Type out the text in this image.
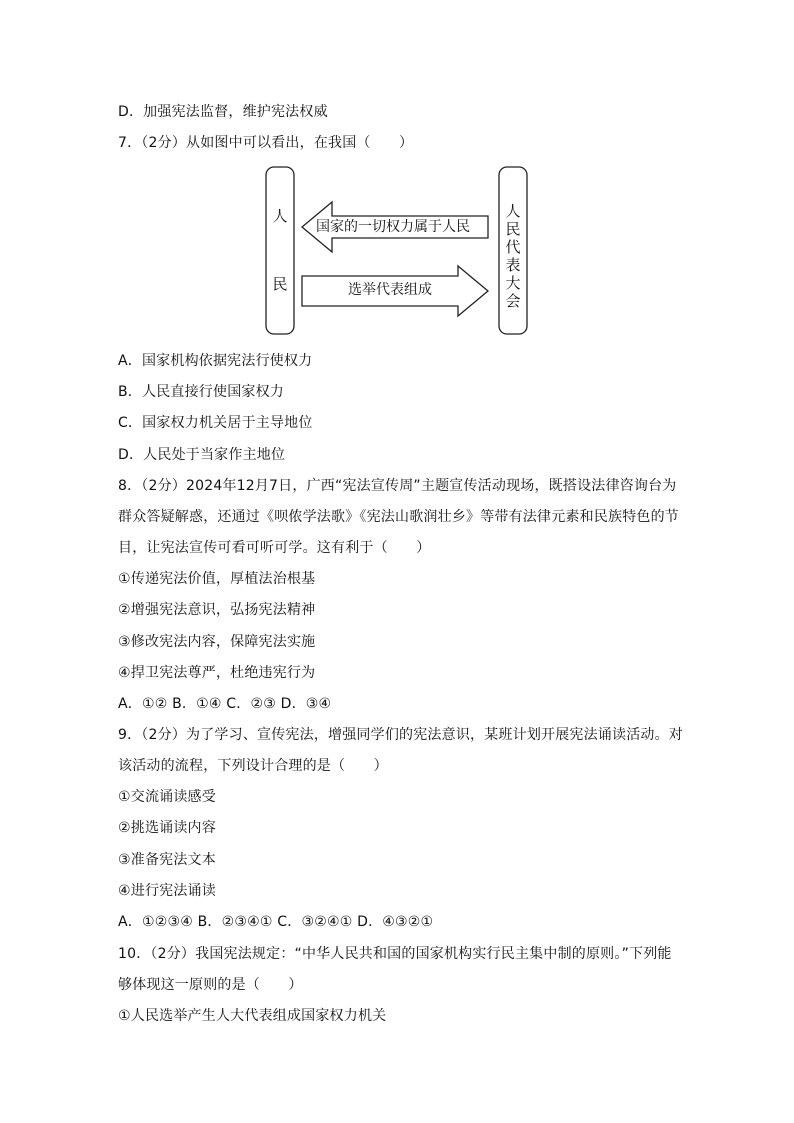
D．加强宪法监督，维护宪法权威
7．（2分）从如图中可以看出，在我国（　　）
人
民
人民代表大会
国家的一切权力属于人民
选举代表组成
A．国家机构依据宪法行使权力
B．人民直接行使国家权力
C．国家权力机关居于主导地位
D．人民处于当家作主地位
8．（2分）2024年12月7日，广西“宪法宣传周”主题宣传活动现场，既搭设法律咨询台为
群众答疑解惑，还通过《呗侬学法歌》《宪法山歌润壮乡》等带有法律元素和民族特色的节
目，让宪法宣传可看可听可学。这有利于（　　）
①传递宪法价值，厚植法治根基
②增强宪法意识，弘扬宪法精神
③修改宪法内容，保障宪法实施
④捍卫宪法尊严，杜绝违宪行为
A．①② B．①④ C．②③ D．③④
9．（2分）为了学习、宣传宪法，增强同学们的宪法意识，某班计划开展宪法诵读活动。对
该活动的流程，下列设计合理的是（　　）
①交流诵读感受
②挑选诵读内容
③准备宪法文本
④进行宪法诵读
A．①②③④ B．②③④① C．③②④① D．④③②①
10．（2分）我国宪法规定：“中华人民共和国的国家机构实行民主集中制的原则。”下列能
够体现这一原则的是（　　）
①人民选举产生人大代表组成国家权力机关
